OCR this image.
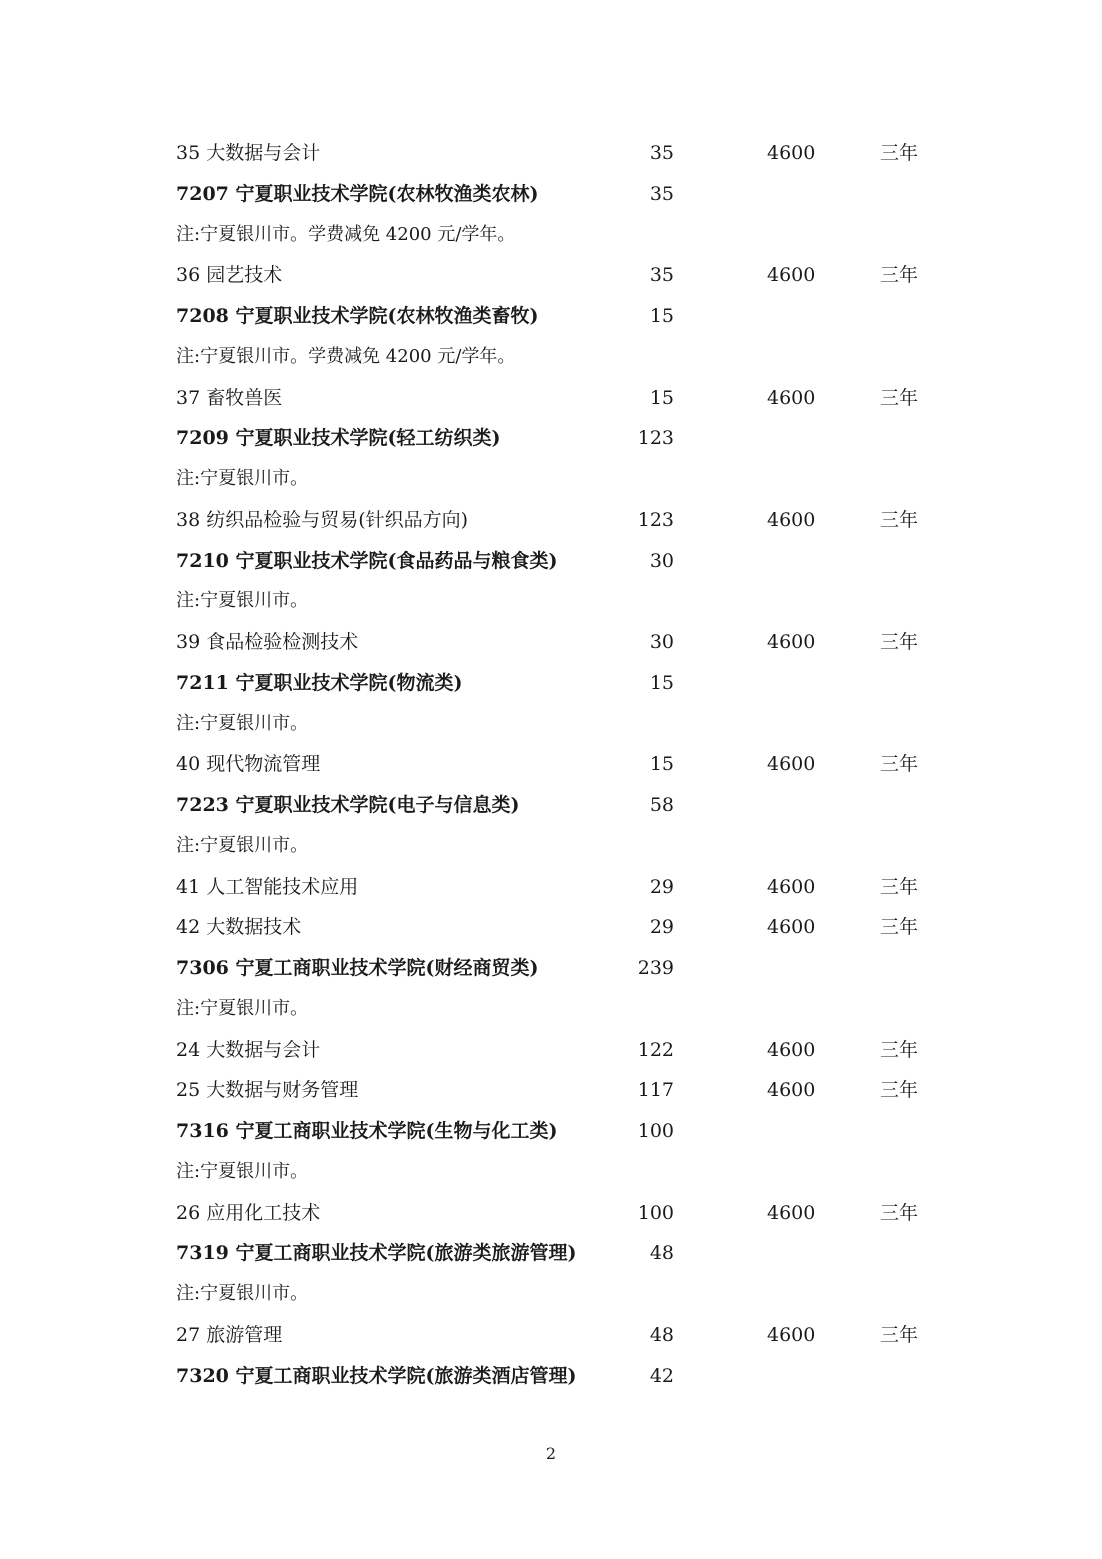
35 大数据与会计	35	4600	三年
7207 宁夏职业技术学院(农林牧渔类农林)	35
注:宁夏银川市。学费减免 4200 元/学年。
36 园艺技术	35	4600	三年
7208 宁夏职业技术学院(农林牧渔类畜牧)	15
注:宁夏银川市。学费减免 4200 元/学年。
37 畜牧兽医	15	4600	三年
7209 宁夏职业技术学院(轻工纺织类)	123
注:宁夏银川市。
38 纺织品检验与贸易(针织品方向)	123	4600	三年
7210 宁夏职业技术学院(食品药品与粮食类)	30
注:宁夏银川市。
39 食品检验检测技术	30	4600	三年
7211 宁夏职业技术学院(物流类)	15
注:宁夏银川市。
40 现代物流管理	15	4600	三年
7223 宁夏职业技术学院(电子与信息类)	58
注:宁夏银川市。
41 人工智能技术应用	29	4600	三年
42 大数据技术	29	4600	三年
7306 宁夏工商职业技术学院(财经商贸类)	239
注:宁夏银川市。
24 大数据与会计	122	4600	三年
25 大数据与财务管理	117	4600	三年
7316 宁夏工商职业技术学院(生物与化工类)	100
注:宁夏银川市。
26 应用化工技术	100	4600	三年
7319 宁夏工商职业技术学院(旅游类旅游管理)	48
注:宁夏银川市。
27 旅游管理	48	4600	三年
7320 宁夏工商职业技术学院(旅游类酒店管理)	42
2
